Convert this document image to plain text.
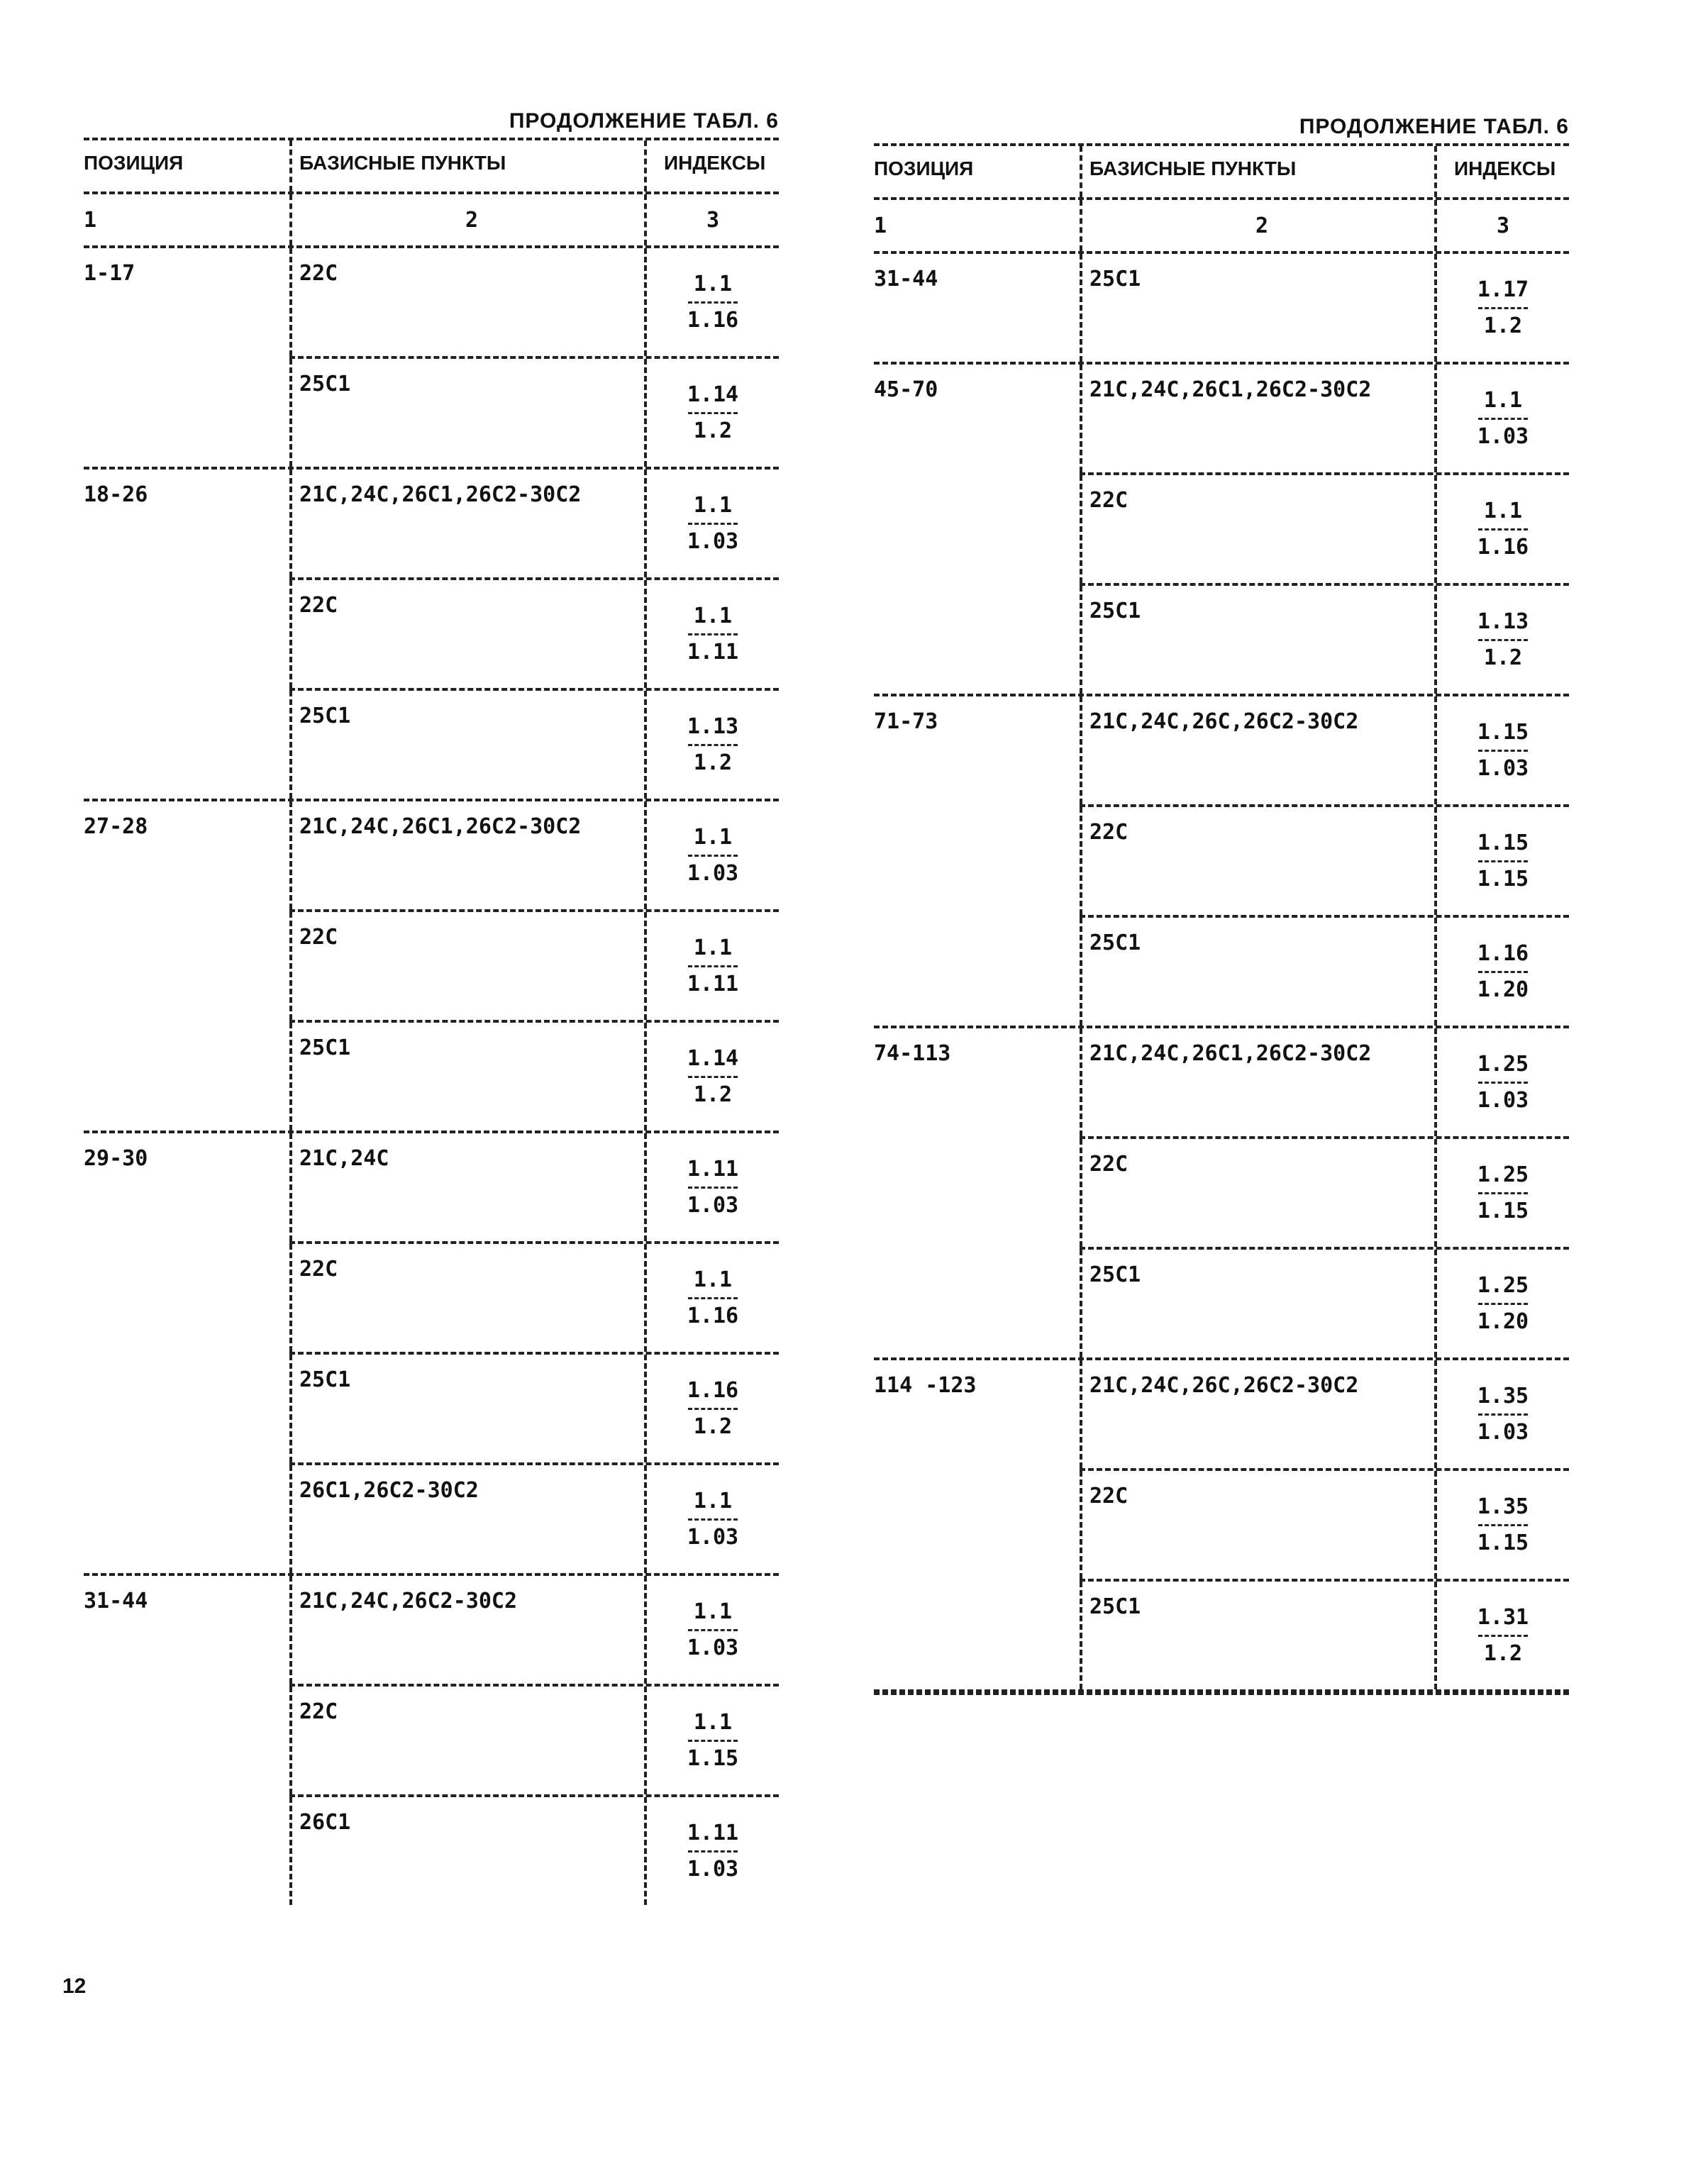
ПРОДОЛЖЕНИЕ ТАБЛ. 6
ПОЗИЦИЯ	БАЗИСНЫЕ ПУНКТЫ	ИНДЕКСЫ
1	2	3
1-17	22С	1.1
1.16
25С1	1.14
1.2
18-26	21С,24С,26С1,26С2-30С2	1.1
1.03
22С	1.1
1.11
25С1	1.13
1.2
27-28	21С,24С,26С1,26С2-30С2	1.1
1.03
22С	1.1
1.11
25С1	1.14
1.2
29-30	21С,24С	1.11
1.03
22С	1.1
1.16
25С1	1.16
1.2
26С1,26С2-30С2	1.1
1.03
31-44	21С,24С,26С2-30С2	1.1
1.03
22С	1.1
1.15
26С1	1.11
1.03
ПРОДОЛЖЕНИЕ ТАБЛ. 6
ПОЗИЦИЯ	БАЗИСНЫЕ ПУНКТЫ	ИНДЕКСЫ
1	2	3
31-44	25С1	1.17
1.2
45-70	21С,24С,26С1,26С2-30С2	1.1
1.03
22С	1.1
1.16
25С1	1.13
1.2
71-73	21С,24С,26С,26С2-30С2	1.15
1.03
22С	1.15
1.15
25С1	1.16
1.20
74-113	21С,24С,26С1,26С2-30С2	1.25
1.03
22С	1.25
1.15
25С1	1.25
1.20
114 -123	21С,24С,26С,26С2-30С2	1.35
1.03
22С	1.35
1.15
25С1	1.31
1.2
12
